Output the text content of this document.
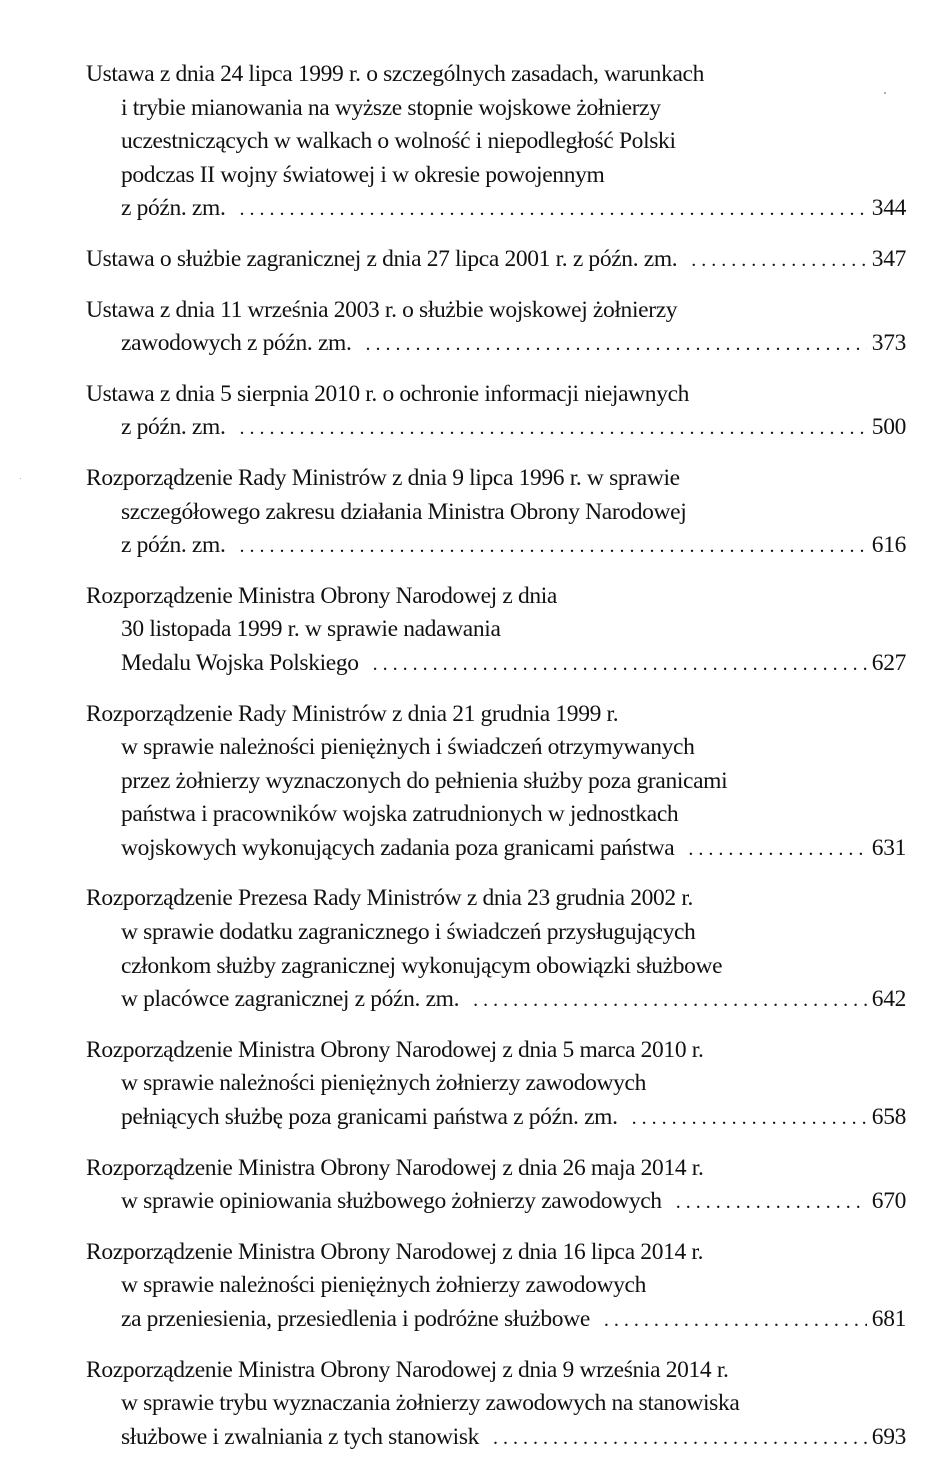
Ustawa z dnia 24 lipca 1999 r. o szczególnych zasadach, warunkach
i trybie mianowania na wyższe stopnie wojskowe żołnierzy
uczestniczących w walkach o wolność i niepodległość Polski
podczas II wojny światowej i w okresie powojennym
z późn. zm. . . .	344
Ustawa o służbie zagranicznej z dnia 27 lipca 2001 r. z późn. zm. . . .	347
Ustawa z dnia 11 września 2003 r. o służbie wojskowej żołnierzy
zawodowych z późn. zm. . . .	373
Ustawa z dnia 5 sierpnia 2010 r. o ochronie informacji niejawnych
z późn. zm. . . .	500
Rozporządzenie Rady Ministrów z dnia 9 lipca 1996 r. w sprawie
szczegółowego zakresu działania Ministra Obrony Narodowej
z późn. zm. . . .	616
Rozporządzenie Ministra Obrony Narodowej z dnia
30 listopada 1999 r. w sprawie nadawania
Medalu Wojska Polskiego . . .	627
Rozporządzenie Rady Ministrów z dnia 21 grudnia 1999 r.
w sprawie należności pieniężnych i świadczeń otrzymywanych
przez żołnierzy wyznaczonych do pełnienia służby poza granicami
państwa i pracowników wojska zatrudnionych w jednostkach
wojskowych wykonujących zadania poza granicami państwa . . .	631
Rozporządzenie Prezesa Rady Ministrów z dnia 23 grudnia 2002 r.
w sprawie dodatku zagranicznego i świadczeń przysługujących
członkom służby zagranicznej wykonującym obowiązki służbowe
w placówce zagranicznej z późn. zm. . . .	642
Rozporządzenie Ministra Obrony Narodowej z dnia 5 marca 2010 r.
w sprawie należności pieniężnych żołnierzy zawodowych
pełniących służbę poza granicami państwa z późn. zm. . . .	658
Rozporządzenie Ministra Obrony Narodowej z dnia 26 maja 2014 r.
w sprawie opiniowania służbowego żołnierzy zawodowych . . .	670
Rozporządzenie Ministra Obrony Narodowej z dnia 16 lipca 2014 r.
w sprawie należności pieniężnych żołnierzy zawodowych
za przeniesienia, przesiedlenia i podróżne służbowe . . .	681
Rozporządzenie Ministra Obrony Narodowej z dnia 9 września 2014 r.
w sprawie trybu wyznaczania żołnierzy zawodowych na stanowiska
służbowe i zwalniania z tych stanowisk . . .	693
